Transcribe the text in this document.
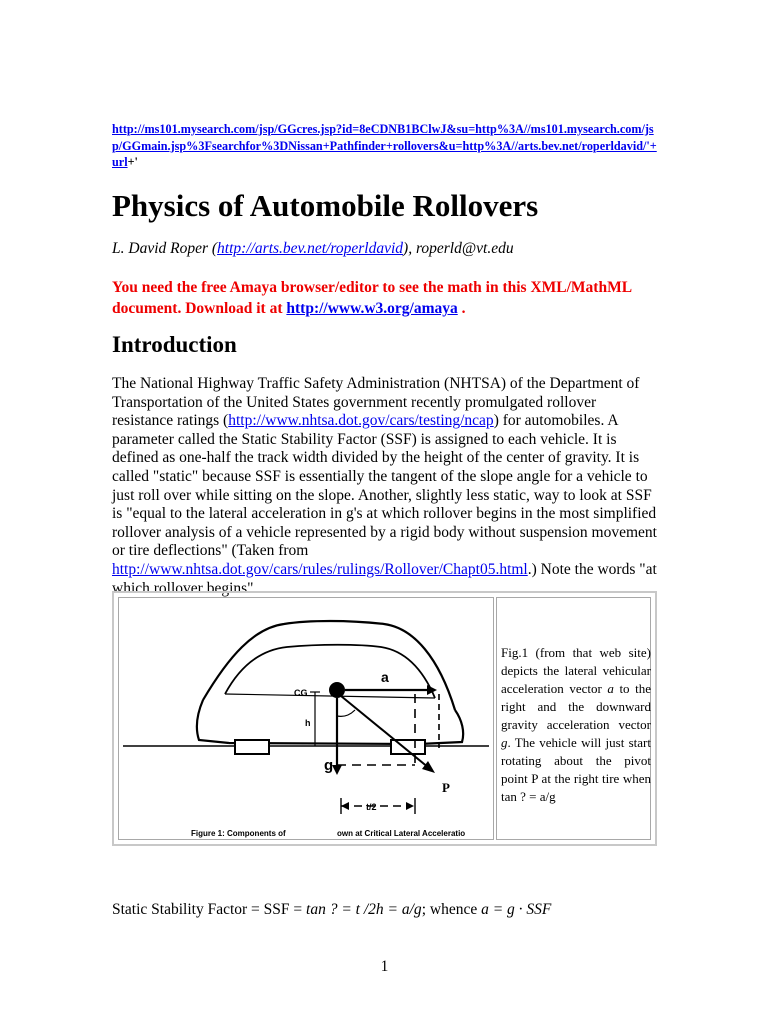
http://ms101.mysearch.com/jsp/GGcres.jsp?id=8eCDNB1BClwJ&su=http%3A//ms101.mysearch.com/jsp/GGmain.jsp%3Fsearchfor%3DNissan+Pathfinder+rollovers&u=http%3A//arts.bev.net/roperldavid/'+url+'
Physics of Automobile Rollovers
L. David Roper (http://arts.bev.net/roperldavid), roperld@vt.edu
You need the free Amaya browser/editor to see the math in this XML/MathML document. Download it at http://www.w3.org/amaya .
Introduction

The National Highway Traffic Safety Administration (NHTSA) of the Department of Transportation of the United States government recently promulgated rollover resistance ratings (http://www.nhtsa.dot.gov/cars/testing/ncap) for automobiles. A parameter called the Static Stability Factor (SSF) is assigned to each vehicle. It is defined as one-half the track width divided by the height of the center of gravity. It is called "static" because SSF is essentially the tangent of the slope angle for a vehicle to just roll over while sitting on the slope. Another, slightly less static, way to look at SSF is "equal to the lateral acceleration in g's at which rollover begins in the most simplified rollover analysis of a vehicle represented by a rigid body without suspension movement or tire deflections" (Taken from http://www.nhtsa.dot.gov/cars/rules/rulings/Rollover/Chapt05.html.) Note the words "at which rollover begins".

CG
a
h
g
P
t/2
Figure 1: Components of	own at Critical Lateral Acceleratio
Fig.1 (from that web site) depicts the lateral vehicular acceleration vector a to the right and the downward gravity acceleration vector g. The vehicle will just start rotating about the pivot point P at the right tire when tan ? = a/g
Static Stability Factor = SSF = tan ? = t /2h = a/g; whence a = g · SSF
1
